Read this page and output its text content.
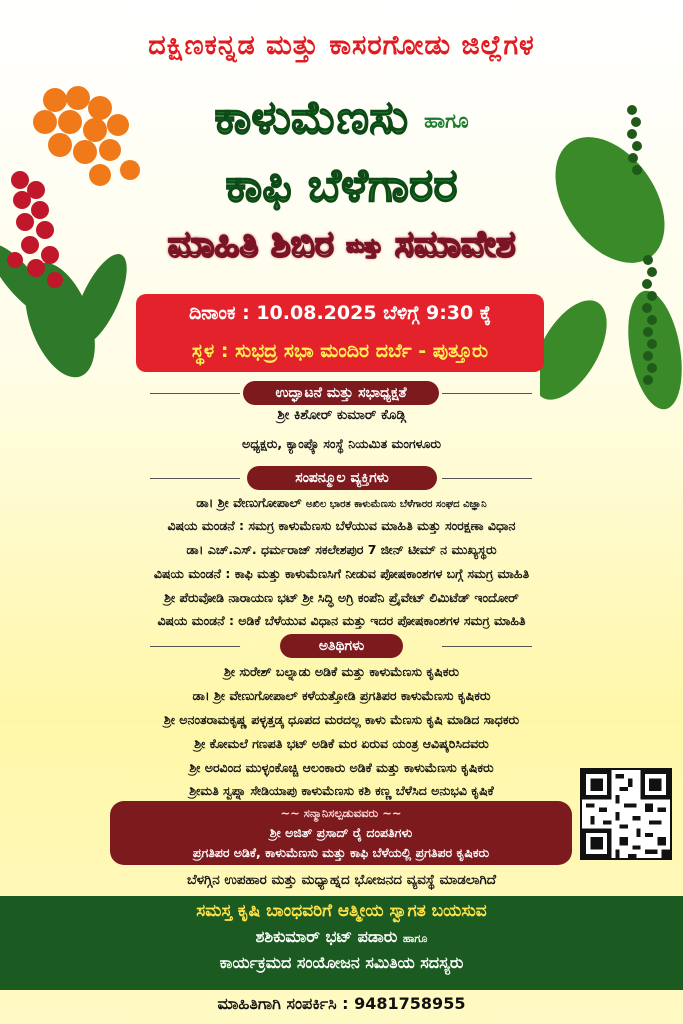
ದಕ್ಷಿಣಕನ್ನಡ ಮತ್ತು ಕಾಸರಗೋಡು ಜಿಲ್ಲೆಗಳ
ಕಾಳುಮೆಣಸು ಹಾಗೂ
ಕಾಫಿ ಬೆಳೆಗಾರರ
ಮಾಹಿತಿ ಶಿಬಿರ ಮತ್ತು ಸಮಾವೇಶ
ದಿನಾಂಕ : 10.08.2025 ಬೆಳಿಗ್ಗೆ 9:30 ಕ್ಕೆ
ಸ್ಥಳ : ಸುಭದ್ರ ಸಭಾ ಮಂದಿರ ದರ್ಬೆ - ಪುತ್ತೂರು
ಉದ್ಘಾಟನೆ ಮತ್ತು ಸಭಾಧ್ಯಕ್ಷತೆ
ಶ್ರೀ ಕಿಶೋರ್ ಕುಮಾರ್ ಕೊಡ್ಗಿ
ಅಧ್ಯಕ್ಷರು, ಕ್ಯಾಂಪ್ಕೊ ಸಂಸ್ಥೆ ನಿಯಮಿತ ಮಂಗಳೂರು
ಸಂಪನ್ಮೂಲ ವ್ಯಕ್ತಿಗಳು
ಡಾ। ಶ್ರೀ ವೇಣುಗೋಪಾಲ್ ಅಖಿಲ ಭಾರತ ಕಾಳುಮೆಣಸು ಬೆಳೆಗಾರರ ಸಂಘದ ವಿಜ್ಞಾನಿ
ವಿಷಯ ಮಂಡನೆ : ಸಮಗ್ರ ಕಾಳುಮೆಣಸು ಬೆಳೆಯುವ ಮಾಹಿತಿ ಮತ್ತು ಸಂರಕ್ಷಣಾ ವಿಧಾನ
ಡಾ। ಎಚ್.ಎಸ್. ಧರ್ಮರಾಜ್ ಸಕಲೇಶಪುರ 7 ಜೀನ್ ಟೀಮ್ ನ ಮುಖ್ಯಸ್ಥರು
ವಿಷಯ ಮಂಡನೆ : ಕಾಫಿ ಮತ್ತು ಕಾಳುಮೆಣಸಿಗೆ ನೀಡುವ ಪೋಷಕಾಂಶಗಳ ಬಗ್ಗೆ ಸಮಗ್ರ ಮಾಹಿತಿ
ಶ್ರೀ ಪೆರುವೋಡಿ ನಾರಾಯಣ ಭಟ್ ಶ್ರೀ ಸಿದ್ಧಿ ಅಗ್ರಿ ಕಂಪೆನಿ ಪ್ರೈವೇಟ್ ಲಿಮಿಟೆಡ್ ಇಂದೋರ್
ವಿಷಯ ಮಂಡನೆ : ಅಡಿಕೆ ಬೆಳೆಯುವ ವಿಧಾನ ಮತ್ತು ಇದರ ಪೋಷಕಾಂಶಗಳ ಸಮಗ್ರ ಮಾಹಿತಿ
ಅತಿಥಿಗಳು
ಶ್ರೀ ಸುರೇಶ್ ಬಲ್ನಾಡು ಅಡಿಕೆ ಮತ್ತು ಕಾಳುಮೆಣಸು ಕೃಷಿಕರು
ಡಾ। ಶ್ರೀ ವೇಣುಗೋಪಾಲ್ ಕಳೆಯತ್ತೋಡಿ ಪ್ರಗತಿಪರ ಕಾಳುಮೆಣಸು ಕೃಷಿಕರು
ಶ್ರೀ ಅನಂತರಾಮಕೃಷ್ಣ ಪಳ್ಳತ್ತಡ್ಕ ಧೂಪದ ಮರದಲ್ಲ ಕಾಳು ಮೆಣಸು ಕೃಷಿ ಮಾಡಿದ ಸಾಧಕರು
ಶ್ರೀ ಕೋಮಲೆ ಗಣಪತಿ ಭಟ್ ಅಡಿಕೆ ಮರ ಏರುವ ಯಂತ್ರ ಆವಿಷ್ಕರಿಸಿದವರು
ಶ್ರೀ ಅರವಿಂದ ಮುಳ್ಳಂಕೊಚ್ಚಿ ಆಲಂಕಾರು ಅಡಿಕೆ ಮತ್ತು ಕಾಳುಮೆಣಸು ಕೃಷಿಕರು
ಶ್ರೀಮತಿ ಸ್ವಪ್ನಾ ಸೇಡಿಯಾಪು ಕಾಳುಮೆಣಸು ಕಶಿ ಕಣ್ಣ ಬೆಳೆಸಿದ ಅನುಭವಿ ಕೃಷಿಕೆ
~~ ಸನ್ಮಾನಿಸಲ್ಪಡುವವರು ~~
ಶ್ರೀ ಅಜಿತ್ ಪ್ರಸಾದ್ ರೈ ದಂಪತಿಗಳು
ಪ್ರಗತಿಪರ ಅಡಿಕೆ, ಕಾಳುಮೆಣಸು ಮತ್ತು ಕಾಫಿ ಬೆಳೆಯಲ್ಲಿ ಪ್ರಗತಿಪರ ಕೃಷಿಕರು
ಬೆಳಗ್ಗಿನ ಉಪಹಾರ ಮತ್ತು ಮಧ್ಯಾಹ್ನದ ಭೋಜನದ ವ್ಯವಸ್ಥೆ ಮಾಡಲಾಗಿದೆ
ಸಮಸ್ತ ಕೃಷಿ ಬಾಂಧವರಿಗೆ ಆತ್ಮೀಯ ಸ್ವಾಗತ ಬಯಸುವ
ಶಶಿಕುಮಾರ್ ಭಟ್ ಪಡಾರು ಹಾಗೂ
ಕಾರ್ಯಕ್ರಮದ ಸಂಯೋಜನ ಸಮಿತಿಯ ಸದಸ್ಯರು
ಮಾಹಿತಿಗಾಗಿ ಸಂಪರ್ಕಿಸಿ : 9481758955
